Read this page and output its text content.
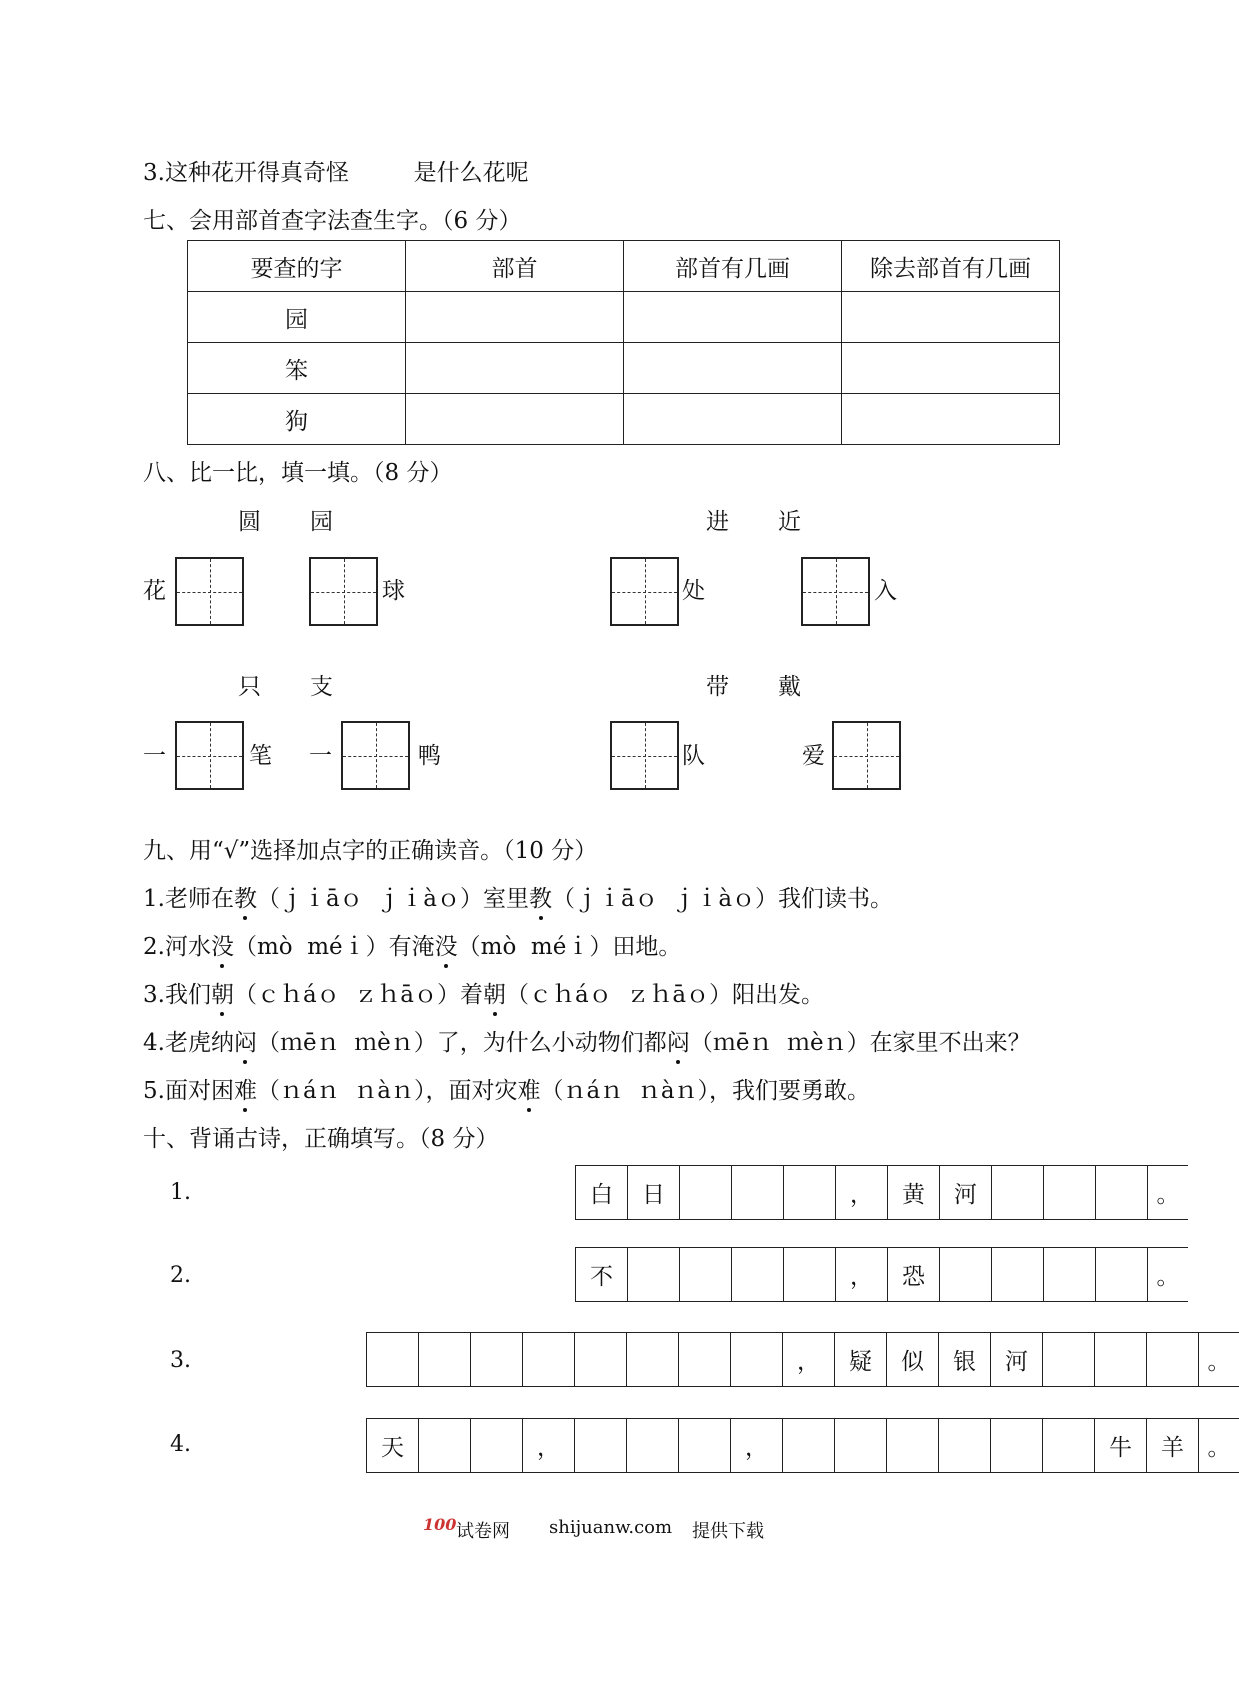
3.这种花开得真奇怪	是什么花呢
七、会用部首查字法查生字。（6 分）
要查的字	部首	部首有几画	除去部首有几画
园			
笨			
狗			
八、比一比，填一填。（8 分）
圆 园	进 近
花	球	处	入
只 支	带 戴
一	笔 一	鸭	队	爱
九、用“√”选择加点字的正确读音。（10 分）
1.老师在教（ｊｉāｏ  ｊｉàｏ）室里教（ｊｉāｏ  ｊｉàｏ）我们读书。
2.河水没（mò  méｉ）有淹没（mò  méｉ）田地。
3.我们朝（ｃｈáｏ  ｚｈāｏ）着朝（ｃｈáｏ  ｚｈāｏ）阳出发。
4.老虎纳闷（ｍēｎ  ｍèｎ）了，为什么小动物们都闷（ｍēｎ  ｍèｎ）在家里不出来？
5.面对困难（ｎáｎ  ｎàｎ），面对灾难（ｎáｎ  ｎàｎ），我们要勇敢。
十、背诵古诗，正确填写。（8 分）
1.	白	日	，	黄	河	。
2.	不	，	恐	。
3.	，	疑	似	银	河	。
4.	天	，	，	牛	羊	。
100 试卷网 shijuanw.com 提供下载
